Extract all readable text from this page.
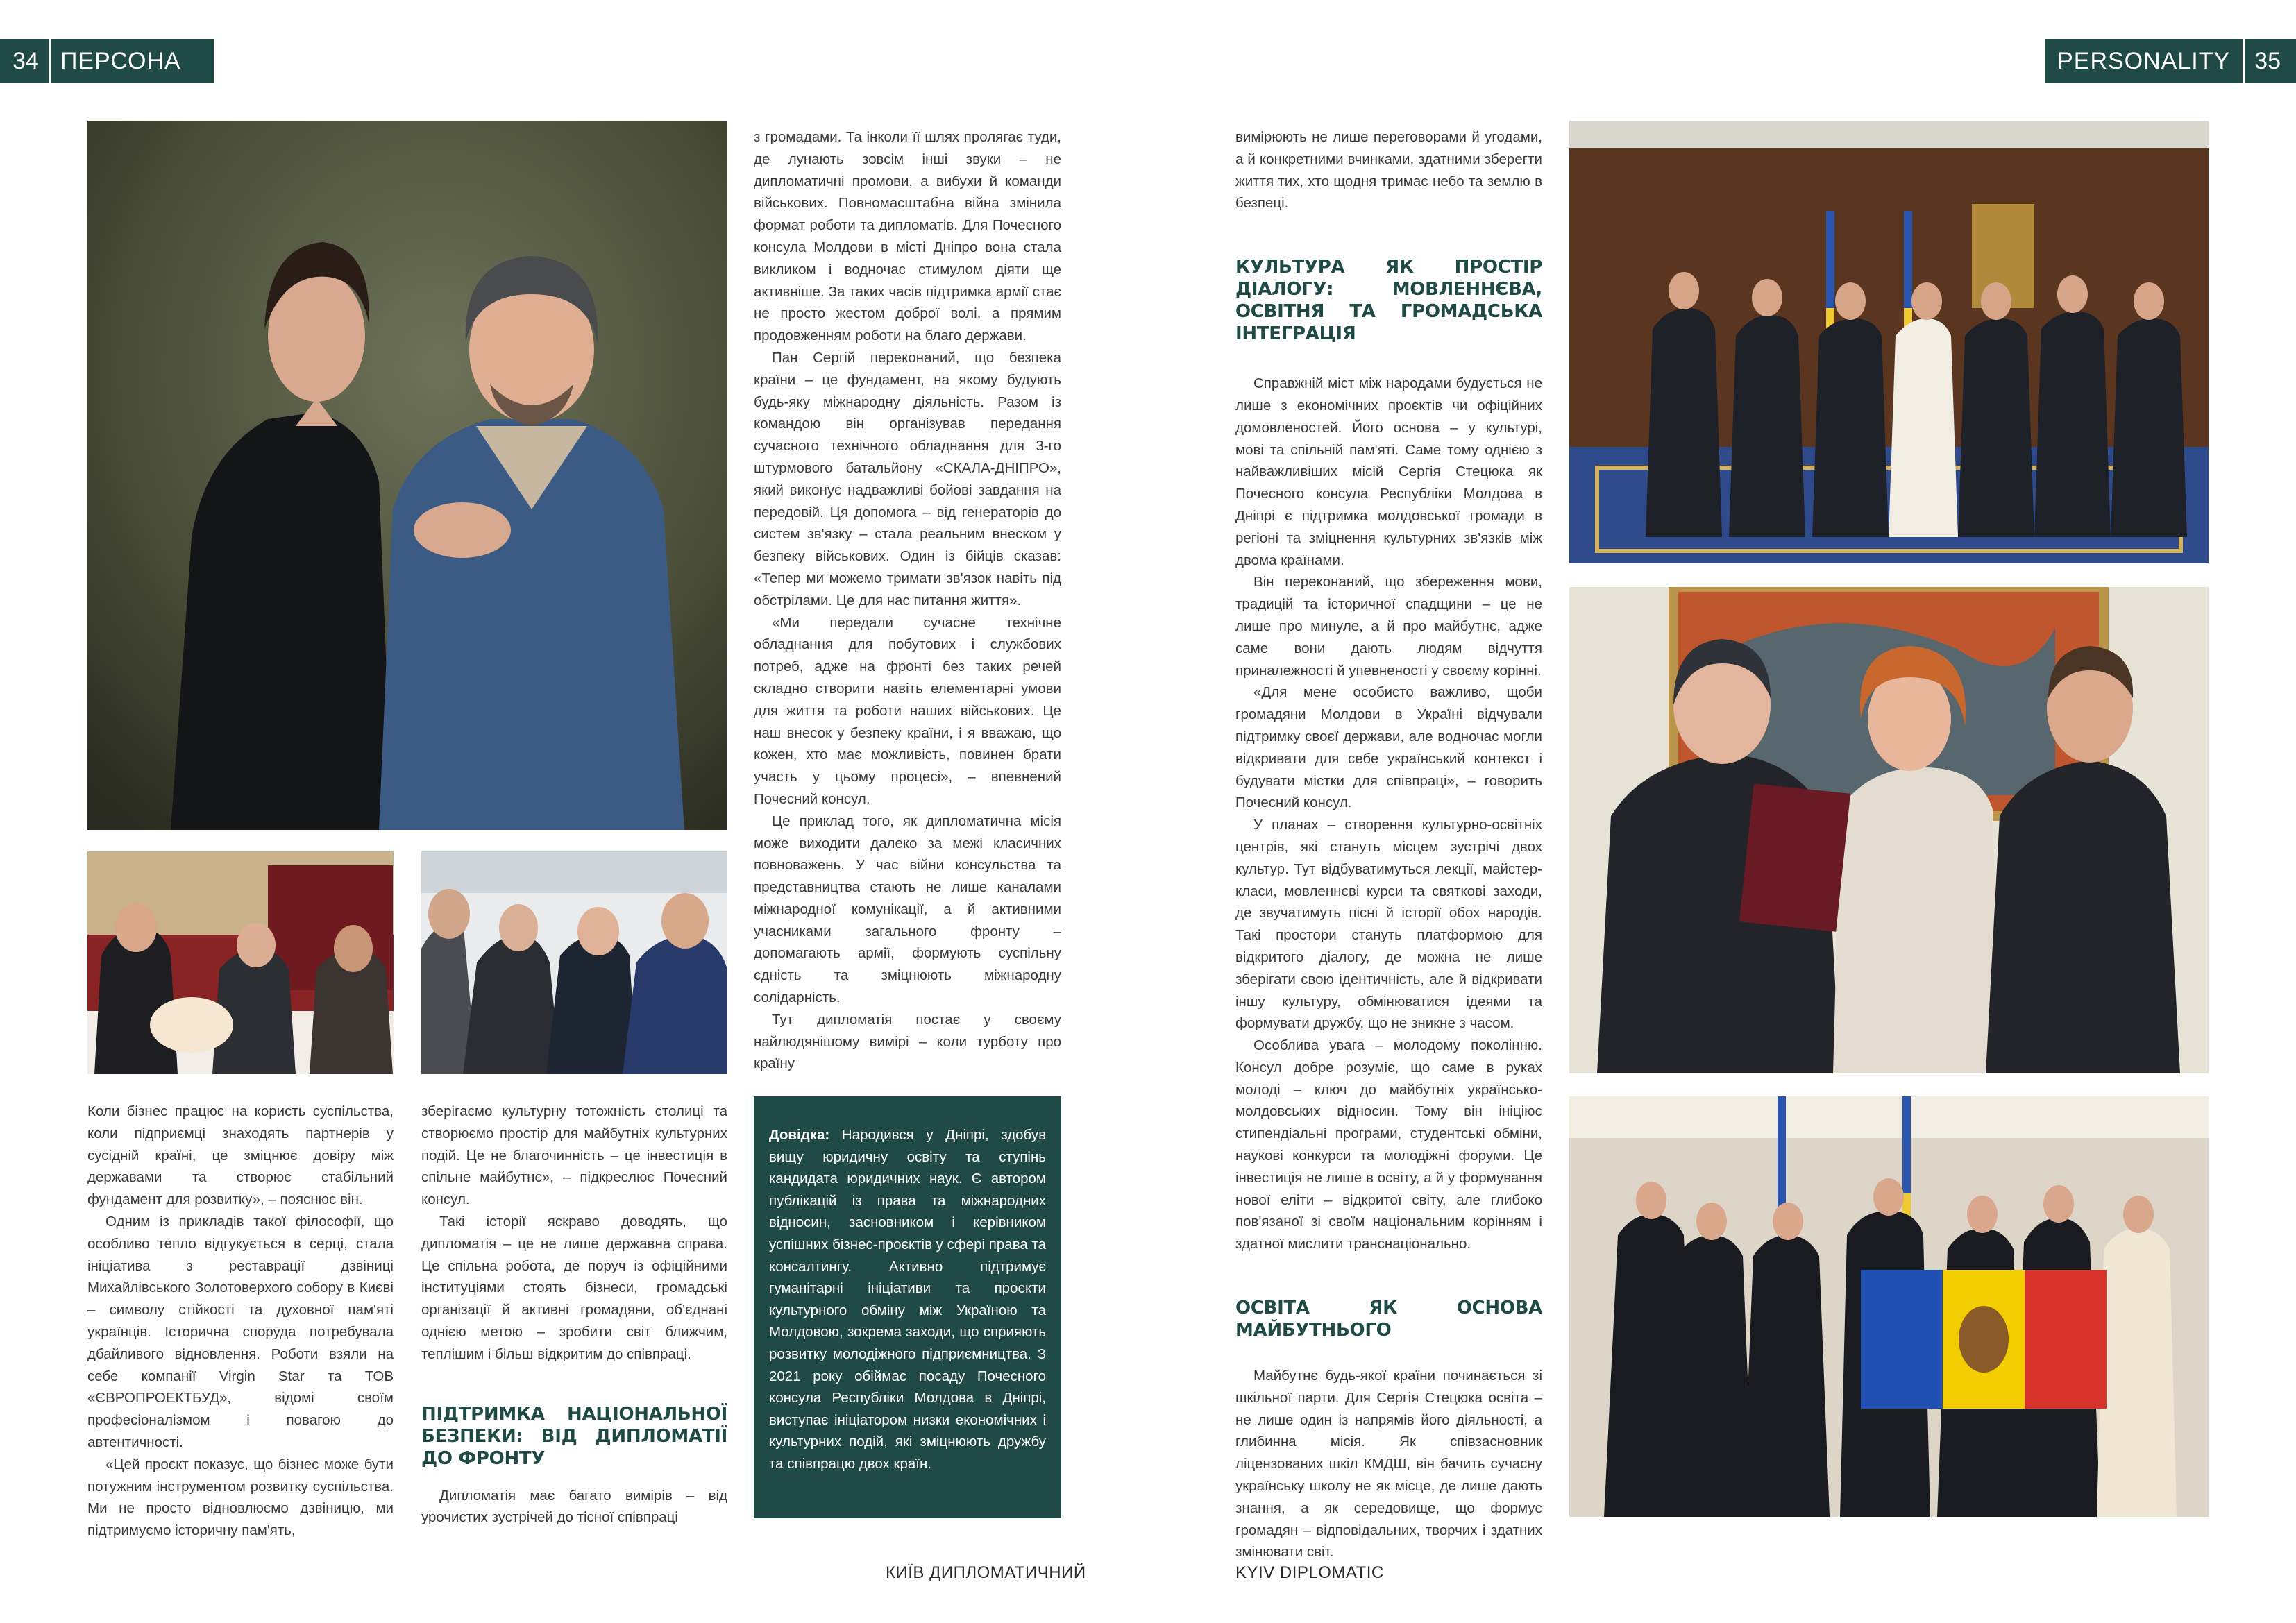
34 ПЕРСОНА	PERSONALITY	35

Коли бізнес працює на користь суспільства, коли підприємці знаходять партнерів у сусідній країні, це зміцнює довіру між державами та створює стабільний фундамент для розвитку», – пояснює він.

Одним із прикладів такої філософії, що особливо тепло відгукується в серці, стала ініціатива з реставрації дзвіниці Михайлівського Золотоверхого собору в Києві – символу стійкості та духовної пам'яті українців. Історична споруда потребувала дбайливого відновлення. Роботи взяли на себе компанії Virgin Star та ТОВ «ЄВРОПРОЕКТБУД», відомі своїм професіоналізмом і повагою до автентичності.

«Цей проєкт показує, що бізнес може бути потужним інструментом розвитку суспільства. Ми не просто відновлюємо дзвіницю, ми підтримуємо історичну пам'ять,

зберігаємо культурну тотожність столиці та створюємо простір для майбутніх культурних подій. Це не благочинність – це інвестиція в спільне майбутнє», – підкреслює Почесний консул.

Такі історії яскраво доводять, що дипломатія – це не лише державна справа. Це спільна робота, де поруч із офіційними інституціями стоять бізнеси, громадські організації й активні громадяни, об'єднані однією метою – зробити світ ближчим, теплішим і більш відкритим до співпраці.

ПІДТРИМКА НАЦІОНАЛЬНОЇ БЕЗПЕКИ: ВІД ДИПЛОМАТІЇ ДО ФРОНТУ

Дипломатія має багато вимірів – від урочистих зустрічей до тісної співпраці

з громадами. Та інколи її шлях пролягає туди, де лунають зовсім інші звуки – не дипломатичні промови, а вибухи й команди військових. Повномасштабна війна змінила формат роботи та дипломатів. Для Почесного консула Молдови в місті Дніпро вона стала викликом і водночас стимулом діяти ще активніше. За таких часів підтримка армії стає не просто жестом доброї волі, а прямим продовженням роботи на благо держави.

Пан Сергій переконаний, що безпека країни – це фундамент, на якому будують будь-яку міжнародну діяльність. Разом із командою він організував передання сучасного технічного обладнання для 3-го штурмового батальйону «СКАЛА-ДНІПРО», який виконує надважливі бойові завдання на передовій. Ця допомога – від генераторів до систем зв'язку – стала реальним внеском у безпеку військових. Один із бійців сказав: «Тепер ми можемо тримати зв'язок навіть під обстрілами. Це для нас питання життя».

«Ми передали сучасне технічне обладнання для побутових і службових потреб, адже на фронті без таких речей складно створити навіть елементарні умови для життя та роботи наших військових. Це наш внесок у безпеку країни, і я вважаю, що кожен, хто має можливість, повинен брати участь у цьому процесі», – впевнений Почесний консул.

Це приклад того, як дипломатична місія може виходити далеко за межі класичних повноважень. У час війни консульства та представництва стають не лише каналами міжнародної комунікації, а й активними учасниками загального фронту – допомагають армії, формують суспільну єдність та зміцнюють міжнародну солідарність.

Тут дипломатія постає у своєму найлюдянішому вимірі – коли турботу про країну

Довідка: Народився у Дніпрі, здобув вищу юридичну освіту та ступінь кандидата юридичних наук. Є автором публікацій із права та міжнародних відносин, засновником і керівником успішних бізнес-проєктів у сфері права та консалтингу. Активно підтримує гуманітарні ініціативи та проєкти культурного обміну між Україною та Молдовою, зокрема заходи, що сприяють розвитку молодіжного підприємництва. З 2021 року обіймає посаду Почесного консула Республіки Молдова в Дніпрі, виступає ініціатором низки економічних і культурних подій, які зміцнюють дружбу та співпрацю двох країн.

вимірюють не лише переговорами й угодами, а й конкретними вчинками, здатними зберегти життя тих, хто щодня тримає небо та землю в безпеці.

КУЛЬТУРА ЯК ПРОСТІР ДІАЛОГУ: МОВЛЕННЄВА, ОСВІТНЯ ТА ГРОМАДСЬКА ІНТЕГРАЦІЯ

Справжній міст між народами будується не лише з економічних проєктів чи офіційних домовленостей. Його основа – у культурі, мові та спільній пам'яті. Саме тому однією з найважливіших місій Сергія Стецюка як Почесного консула Республіки Молдова в Дніпрі є підтримка молдовської громади в регіоні та зміцнення культурних зв'язків між двома країнами.

Він переконаний, що збереження мови, традицій та історичної спадщини – це не лише про минуле, а й про майбутнє, адже саме вони дають людям відчуття приналежності й упевненості у своєму корінні.

«Для мене особисто важливо, щоби громадяни Молдови в Україні відчували підтримку своєї держави, але водночас могли відкривати для себе український контекст і будувати містки для співпраці», – говорить Почесний консул.

У планах – створення культурно-освітніх центрів, які стануть місцем зустрічі двох культур. Тут відбуватимуться лекції, майстер-класи, мовленнєві курси та святкові заходи, де звучатимуть пісні й історії обох народів. Такі простори стануть платформою для відкритого діалогу, де можна не лише зберігати свою ідентичність, але й відкривати іншу культуру, обмінюватися ідеями та формувати дружбу, що не зникне з часом.

Особлива увага – молодому поколінню. Консул добре розуміє, що саме в руках молоді – ключ до майбутніх українсько-молдовських відносин. Тому він ініціює стипендіальні програми, студентські обміни, наукові конкурси та молодіжні форуми. Це інвестиція не лише в освіту, а й у формування нової еліти – відкритої світу, але глибоко пов'язаної зі своїм національним корінням і здатної мислити транснаціонально.

ОСВІТА ЯК ОСНОВА МАЙБУТНЬОГО

Майбутнє будь-якої країни починається зі шкільної парти. Для Сергія Стецюка освіта – не лише один із напрямів його діяльності, а глибинна місія. Як співзасновник ліцензованих шкіл КМДШ, він бачить сучасну українську школу не як місце, де лише дають знання, а як середовище, що формує громадян – відповідальних, творчих і здатних змінювати світ.

КИЇВ ДИПЛОМАТИЧНИЙ	KYIV DIPLOMATIC
